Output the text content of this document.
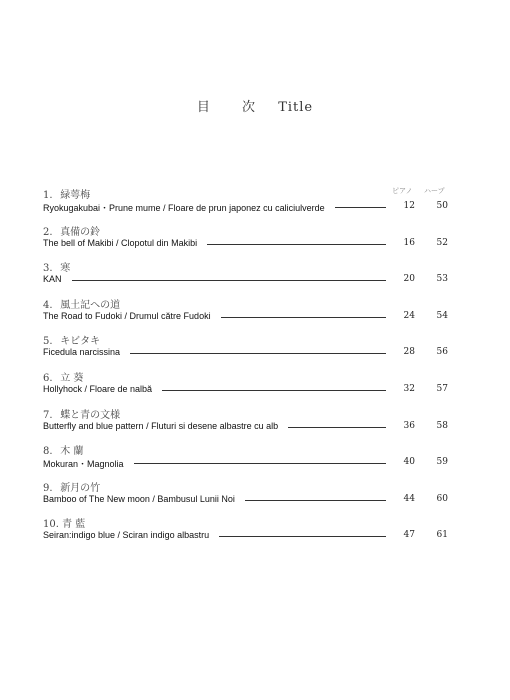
目 次 Title
ピアノ ハープ
1. 緑萼梅
Ryokugakubai・Prune mume / Floare de prun japonez cu caliciulverde	12	50
2. 真備の鈴
The bell of Makibi / Clopotul din Makibi	16	52
3. 寒
KAN	20	53
4. 風土記への道
The Road to Fudoki / Drumul către Fudoki	24	54
5. キビタキ
Ficedula narcissina	28	56
6. 立 葵
Hollyhock / Floare de nalbă	32	57
7. 蝶と青の文様
Butterfly and blue pattern / Fluturi si desene albastre cu alb	36	58
8. 木 蘭
Mokuran・Magnolia	40	59
9. 新月の竹
Bamboo of The New moon / Bambusul Lunii Noi	44	60
10. 青 藍
Seiran:indigo blue / Sciran indigo albastru	47	61
